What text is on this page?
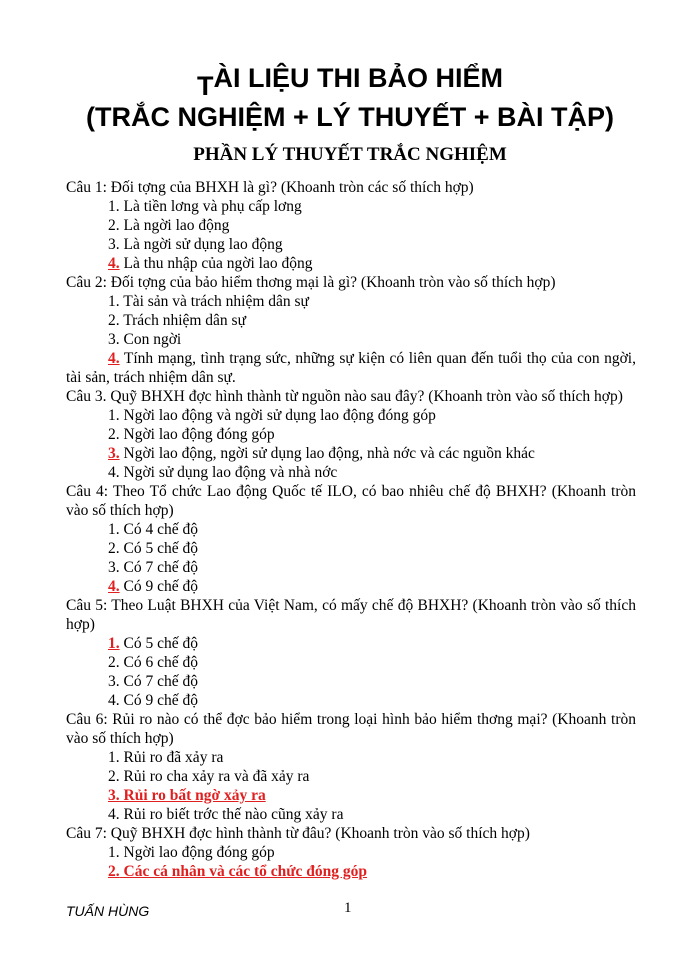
TÀI LIỆU THI BẢO HIỂM
(TRẮC NGHIỆM + LÝ THUYẾT + BÀI TẬP)
PHẦN LÝ THUYẾT TRẮC NGHIỆM

Câu 1: Đối tợng của BHXH là gì? (Khoanh tròn các số thích hợp)

1. Là tiền lơng và phụ cấp lơng

2. Là ngời lao động

3. Là ngời sử dụng lao động

4. Là thu nhập của ngời lao động

Câu 2: Đối tợng của bảo hiểm thơng mại là gì? (Khoanh tròn vào số thích hợp)

1. Tài sản và trách nhiệm dân sự

2. Trách nhiệm dân sự

3. Con ngời

4. Tính mạng, tình trạng sức, những sự kiện có liên quan đến tuổi thọ của con ngời, tài sản, trách nhiệm dân sự.

Câu 3. Quỹ BHXH đợc hình thành từ nguồn nào sau đây? (Khoanh tròn vào số thích hợp)

1. Ngời lao động và ngời sử dụng lao động đóng góp

2. Ngời lao động đóng góp

3. Ngời lao động, ngời sử dụng lao động, nhà nớc và các nguồn khác

4. Ngời sử dụng lao động và nhà nớc

Câu 4: Theo Tổ chức Lao động Quốc tế ILO, có bao nhiêu chế độ BHXH? (Khoanh tròn vào số thích hợp)

1. Có 4 chế độ

2. Có 5 chế độ

3. Có 7 chế độ

4. Có 9 chế độ

Câu 5: Theo Luật BHXH của Việt Nam, có mấy chế độ BHXH? (Khoanh tròn vào số thích hợp)

1. Có 5 chế độ

2. Có 6 chế độ

3. Có 7 chế độ

4. Có 9 chế độ

Câu 6: Rủi ro nào có thể đợc bảo hiểm trong loại hình bảo hiểm thơng mại? (Khoanh tròn vào số thích hợp)

1. Rủi ro đã xảy ra

2. Rủi ro cha xảy ra và đã xảy ra

3. Rủi ro bất ngờ xảy ra

4. Rủi ro biết trớc thế nào cũng xảy ra

Câu 7: Quỹ BHXH đợc hình thành từ đâu? (Khoanh tròn vào số thích hợp)

1. Ngời lao động đóng góp

2. Các cá nhân và các tổ chức đóng góp

TUẤN HÙNG	1
